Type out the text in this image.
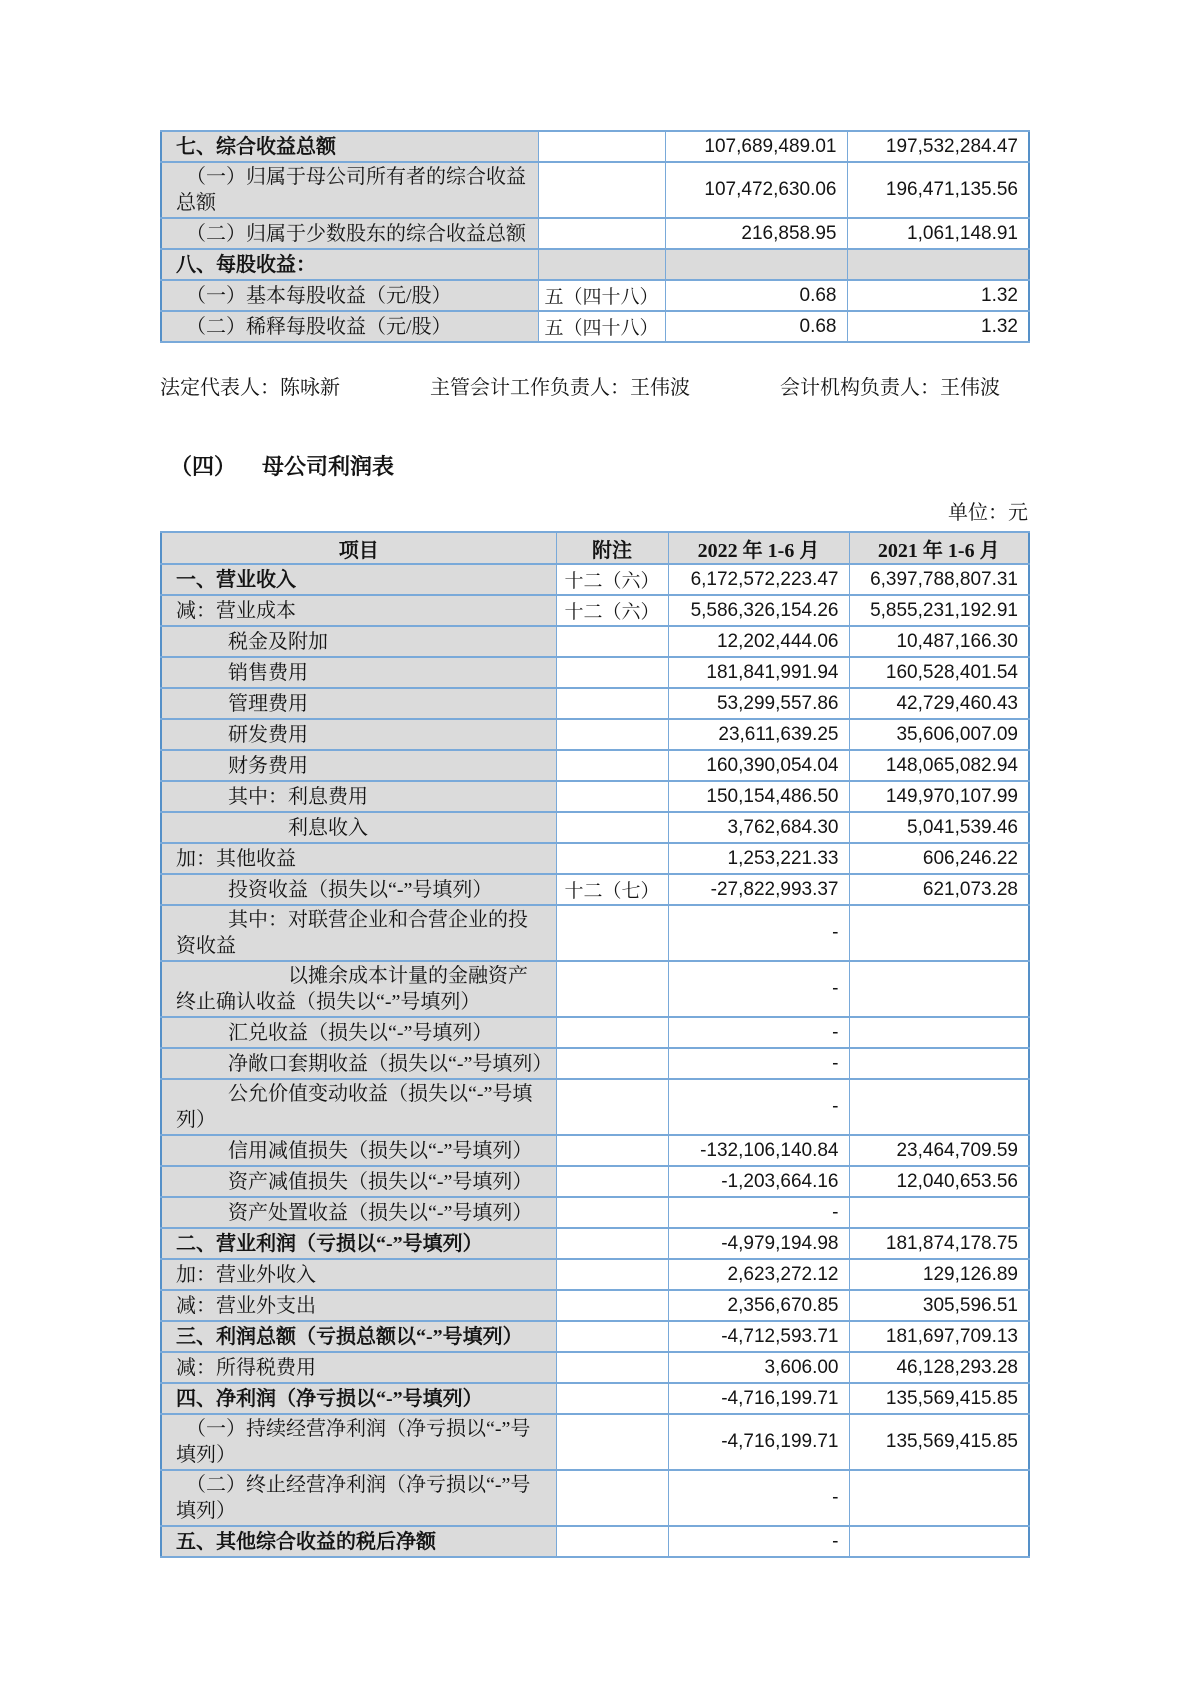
七、综合收益总额		107,689,489.01	197,532,284.47
（一）归属于母公司所有者的综合收益总额		107,472,630.06	196,471,135.56
（二）归属于少数股东的综合收益总额		216,858.95	1,061,148.91
八、每股收益：			
（一）基本每股收益（元/股）	五（四十八）	0.68	1.32
（二）稀释每股收益（元/股）	五（四十八）	0.68	1.32
法定代表人：陈咏新	主管会计工作负责人：王伟波	会计机构负责人：王伟波
（四） 母公司利润表
单位：元
项目	附注	2022 年 1-6 月	2021 年 1-6 月
一、营业收入	十二（六）	6,172,572,223.47	6,397,788,807.31
减：营业成本	十二（六）	5,586,326,154.26	5,855,231,192.91
税金及附加		12,202,444.06	10,487,166.30
销售费用		181,841,991.94	160,528,401.54
管理费用		53,299,557.86	42,729,460.43
研发费用		23,611,639.25	35,606,007.09
财务费用		160,390,054.04	148,065,082.94
其中：利息费用		150,154,486.50	149,970,107.99
利息收入		3,762,684.30	5,041,539.46
加：其他收益		1,253,221.33	606,246.22
投资收益（损失以“-”号填列）	十二（七）	-27,822,993.37	621,073.28
其中：对联营企业和合营企业的投资收益		-	
以摊余成本计量的金融资产终止确认收益（损失以“-”号填列）		-	
汇兑收益（损失以“-”号填列）		-	
净敞口套期收益（损失以“-”号填列）		-	
公允价值变动收益（损失以“-”号填列）		-	
信用减值损失（损失以“-”号填列）		-132,106,140.84	23,464,709.59
资产减值损失（损失以“-”号填列）		-1,203,664.16	12,040,653.56
资产处置收益（损失以“-”号填列）		-	
二、营业利润（亏损以“-”号填列）		-4,979,194.98	181,874,178.75
加：营业外收入		2,623,272.12	129,126.89
减：营业外支出		2,356,670.85	305,596.51
三、利润总额（亏损总额以“-”号填列）		-4,712,593.71	181,697,709.13
减：所得税费用		3,606.00	46,128,293.28
四、净利润（净亏损以“-”号填列）		-4,716,199.71	135,569,415.85
（一）持续经营净利润（净亏损以“-”号填列）		-4,716,199.71	135,569,415.85
（二）终止经营净利润（净亏损以“-”号填列）		-	
五、其他综合收益的税后净额		-	
